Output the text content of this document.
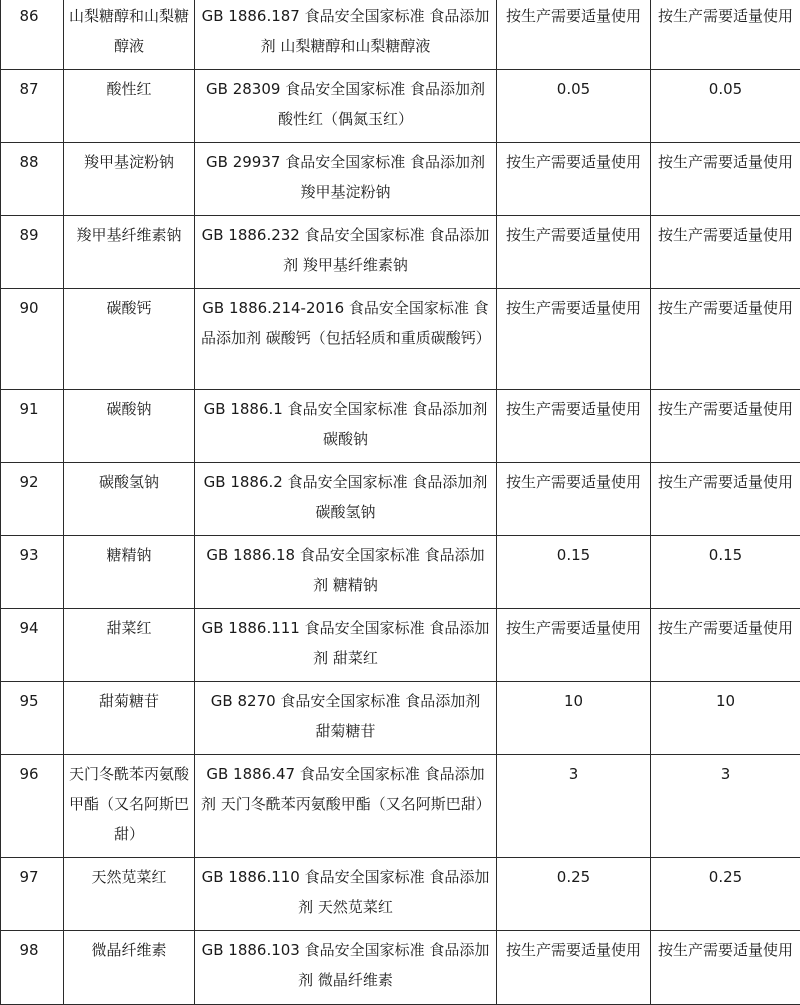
86	山梨糖醇和山梨糖醇液	GB 1886.187 食品安全国家标准 食品添加剂 山梨糖醇和山梨糖醇液	按生产需要适量使用	按生产需要适量使用
87	酸性红	GB 28309 食品安全国家标准 食品添加剂 酸性红（偶氮玉红）	0.05	0.05
88	羧甲基淀粉钠	GB 29937 食品安全国家标准 食品添加剂 羧甲基淀粉钠	按生产需要适量使用	按生产需要适量使用
89	羧甲基纤维素钠	GB 1886.232 食品安全国家标准 食品添加剂 羧甲基纤维素钠	按生产需要适量使用	按生产需要适量使用
90	碳酸钙	GB 1886.214-2016 食品安全国家标准 食品添加剂 碳酸钙（包括轻质和重质碳酸钙）	按生产需要适量使用	按生产需要适量使用
91	碳酸钠	GB 1886.1 食品安全国家标准 食品添加剂 碳酸钠	按生产需要适量使用	按生产需要适量使用
92	碳酸氢钠	GB 1886.2 食品安全国家标准 食品添加剂 碳酸氢钠	按生产需要适量使用	按生产需要适量使用
93	糖精钠	GB 1886.18 食品安全国家标准 食品添加剂 糖精钠	0.15	0.15
94	甜菜红	GB 1886.111 食品安全国家标准 食品添加剂 甜菜红	按生产需要适量使用	按生产需要适量使用
95	甜菊糖苷	GB 8270 食品安全国家标准 食品添加剂 甜菊糖苷	10	10
96	天门冬酰苯丙氨酸甲酯（又名阿斯巴甜）	GB 1886.47 食品安全国家标准 食品添加剂 天门冬酰苯丙氨酸甲酯（又名阿斯巴甜）	3	3
97	天然苋菜红	GB 1886.110 食品安全国家标准 食品添加剂 天然苋菜红	0.25	0.25
98	微晶纤维素	GB 1886.103 食品安全国家标准 食品添加剂 微晶纤维素	按生产需要适量使用	按生产需要适量使用
